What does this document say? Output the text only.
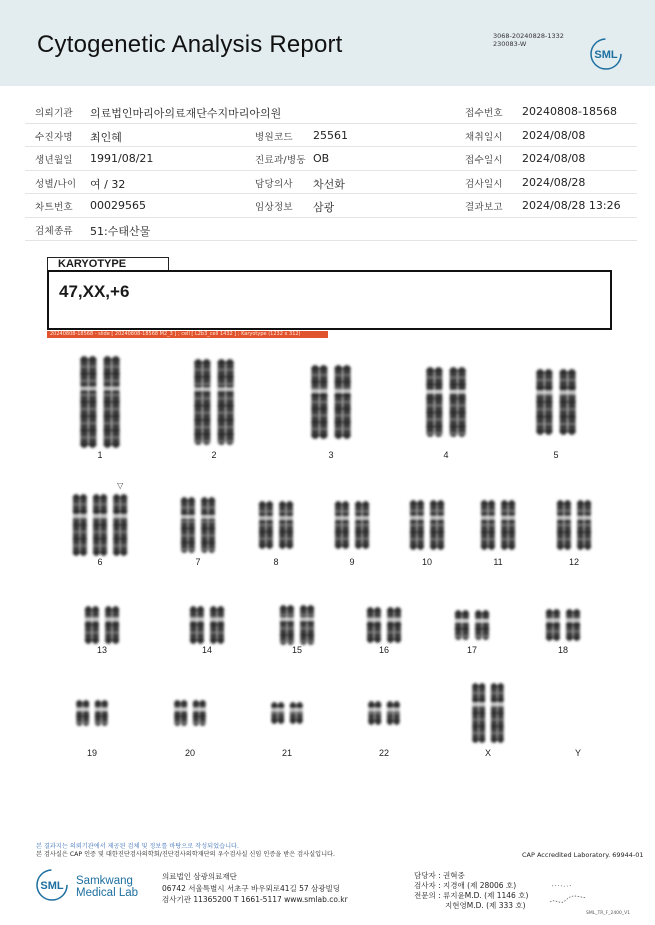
Cytogenetic Analysis Report	3068-20240828-1332
230083-W
SML
의뢰기관 의료법인마리아의료재단수지마리아의원	접수번호 20240808-18568
수진자명 최인혜	병원코드 25561	채취일시 2024/08/08
생년월일 1991/08/21	진료과/병동 OB	접수일시 2024/08/08
성별/나이 여 / 32	담당의사 차선화	검사일시 2024/08/28
차트번호 00029565	임상정보 삼광	결과보고 2024/08/28 13:26
검체종류 51:수태산물
KARYOTYPE
47,XX,+6
20240808-18568 - slide [ 20240808-18568 M2_3 ] ; cell [ L2b3_cell 1432 ] ; Karyotype (1232 x 312)
1	2	3	4	5
▽
6	7	8	9	10	11	12
13	14	15	16	17	18
19	20	21	22	X	Y
본 결과지는 의뢰기관에서 제공된 검체 및 정보를 바탕으로 작성되었습니다.
본 검사실은 CAP 인증 및 대한진단검사의학회/진단검사의학재단의 우수검사실 신임 인증을 받은 검사실입니다.	CAP Accredited Laboratory. 69944-01
SML Samkwang
Medical Lab
의료법인 삼광의료재단
06742 서울특별시 서초구 바우뫼로41길 57 삼광빌딩
검사기관 11365200 T 1661-5117 www.smlab.co.kr
담당자 : 권혁중
검사자 : 지경애 (제 28006 호)
전문의 : 류지윤M.D. (제 1146 호)
지현영M.D. (제 333 호)
SML_TR_F_2400_V1
